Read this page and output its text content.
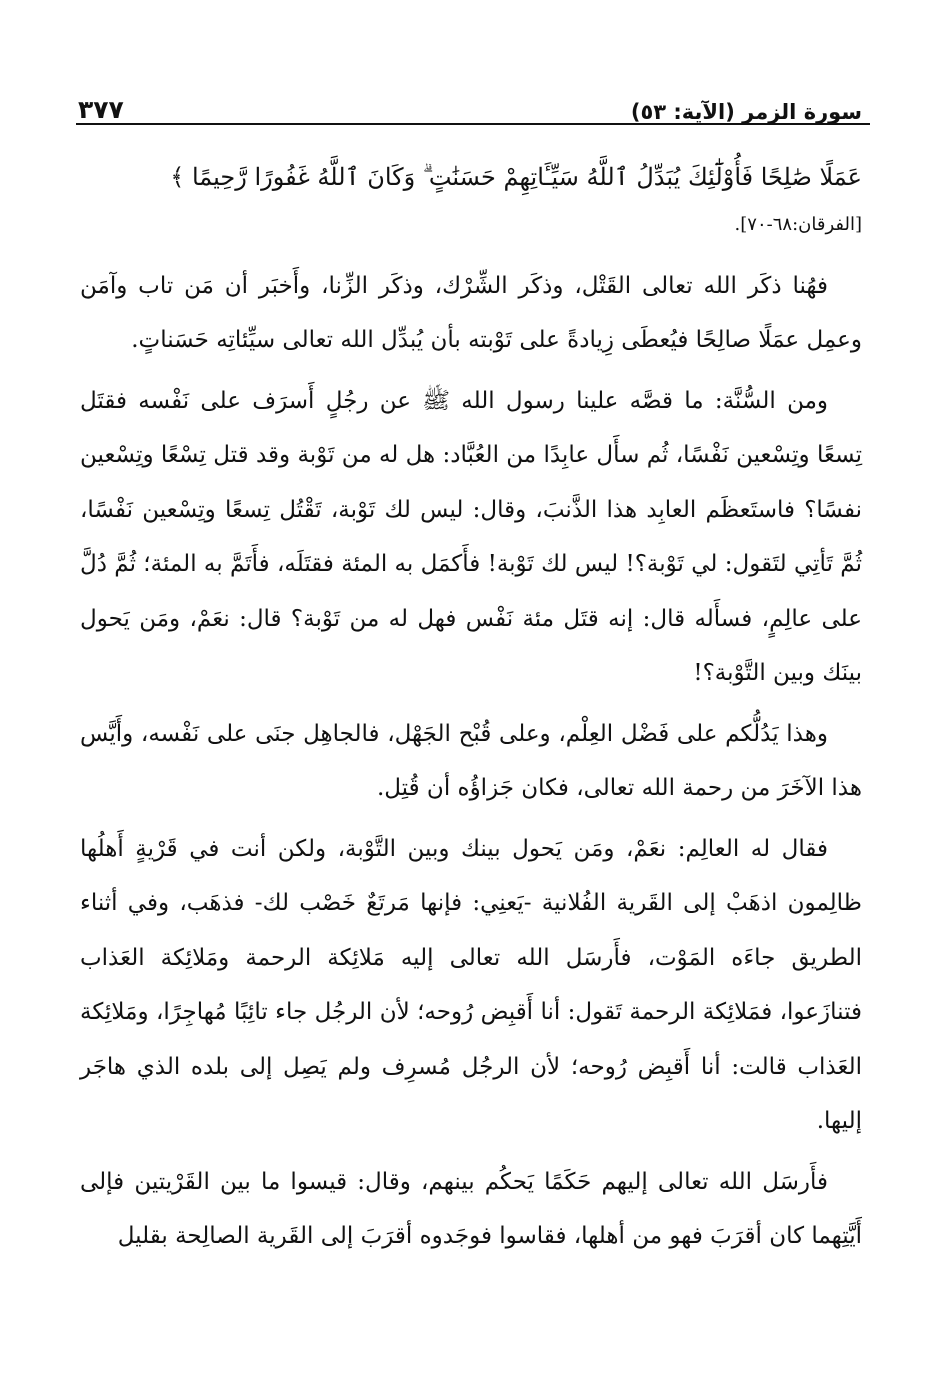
سورة الزمر (الآية: ٥٣)
٣٧٧

عَمَلًا صَٰلِحًا فَأُوْلَٰٓئِكَ يُبَدِّلُ ٱللَّهُ سَيِّـَٔاتِهِمْ حَسَنَٰتٍ ۗ وَكَانَ ٱللَّهُ غَفُورًا رَّحِيمًا ﴾

[الفرقان:٦٨-٧٠].

فهُنا ذكَر الله تعالى القَتْل، وذكَر الشِّرْك، وذكَر الزِّنا، وأَخبَر أن مَن تاب وآمَن وعمِل عمَلًا صالِحًا فيُعطَى زِيادةً على تَوْبته بأن يُبدِّل الله تعالى سيِّئاتِه حَسَناتٍ.

ومن السُّنَّة: ما قصَّه علينا رسول الله ﷺ عن رجُلٍ أَسرَف على نَفْسه فقتَل تِسعًا وتِسْعين نَفْسًا، ثُم سأَل عابِدًا من العُبَّاد: هل له من تَوْبة وقد قتل تِسْعًا وتِسْعين نفسًا؟ فاستَعظَم العابِد هذا الذَّنبَ، وقال: ليس لك تَوْبة، تَقْتُل تِسعًا وتِسْعين نَفْسًا، ثُمَّ تَأتِي لتَقول: لي تَوْبة؟! ليس لك تَوْبة! فأَكمَل به المئة فقتَلَه، فأَتَمَّ به المئة؛ ثُمَّ دُلَّ على عالِمٍ، فسأَله قال: إنه قتَل مئة نَفْس فهل له من تَوْبة؟ قال: نعَمْ، ومَن يَحول بينَك وبين التَّوْبة؟!

وهذا يَدُلُّكم على فَضْل العِلْم، وعلى قُبْح الجَهْل، فالجاهِل جنَى على نَفْسه، وأَيَّس هذا الآخَرَ من رحمة الله تعالى، فكان جَزاؤُه أن قُتِل.

فقال له العالِم: نعَمْ، ومَن يَحول بينك وبين التَّوْبة، ولكن أنت في قَرْيةٍ أَهلُها ظالِمون اذهَبْ إلى القَرية الفُلانية -يَعنِي: فإنها مَرتَعٌ خَصْب لك- فذهَب، وفي أثناء الطريق جاءَه المَوْت، فأَرسَل الله تعالى إليه مَلائِكة الرحمة ومَلائِكة العَذاب فتنازَعوا، فمَلائِكة الرحمة تَقول: أنا أَقبِض رُوحه؛ لأن الرجُل جاء تائِبًا مُهاجِرًا، ومَلائِكة العَذاب قالت: أنا أَقبِض رُوحه؛ لأن الرجُل مُسرِف ولم يَصِل إلى بلده الذي هاجَر إليها.

فأَرسَل الله تعالى إليهم حَكَمًا يَحكُم بينهم، وقال: قيسوا ما بين القَرْيتين فإلى أَيَّتِهما كان أقرَبَ فهو من أهلها، فقاسوا فوجَدوه أقرَبَ إلى القَرية الصالِحة بقليل
